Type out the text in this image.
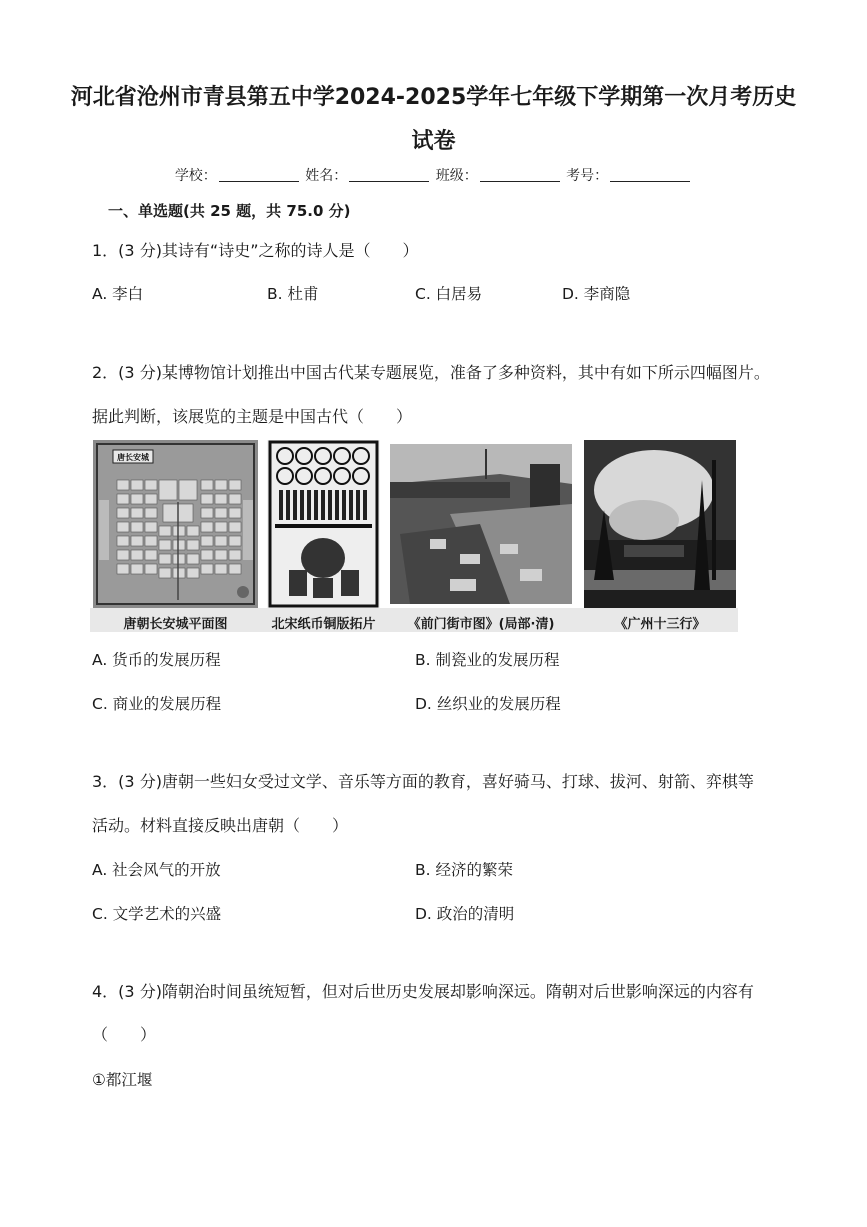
河北省沧州市青县第五中学2024-2025学年七年级下学期第一次月考历史
试卷
学校：	姓名：	班级：	考号：
一、单选题(共 25 题，共 75.0 分)
1．(3 分)其诗有“诗史”之称的诗人是（　　）
A. 李白	B. 杜甫	C. 白居易	D. 李商隐
2．(3 分)某博物馆计划推出中国古代某专题展览，准备了多种资料，其中有如下所示四幅图片。
据此判断，该展览的主题是中国古代（　　）
唐长安城
唐朝长安城平面图	北宋纸币铜版拓片	《前门街市图》(局部·清)	《广州十三行》
A. 货币的发展历程	B. 制瓷业的发展历程
C. 商业的发展历程	D. 丝织业的发展历程
3．(3 分)唐朝一些妇女受过文学、音乐等方面的教育，喜好骑马、打球、拔河、射箭、弈棋等
活动。材料直接反映出唐朝（　　）
A. 社会风气的开放	B. 经济的繁荣
C. 文学艺术的兴盛	D. 政治的清明
4．(3 分)隋朝治时间虽统短暂，但对后世历史发展却影响深远。隋朝对后世影响深远的内容有
（　　）
①都江堰
